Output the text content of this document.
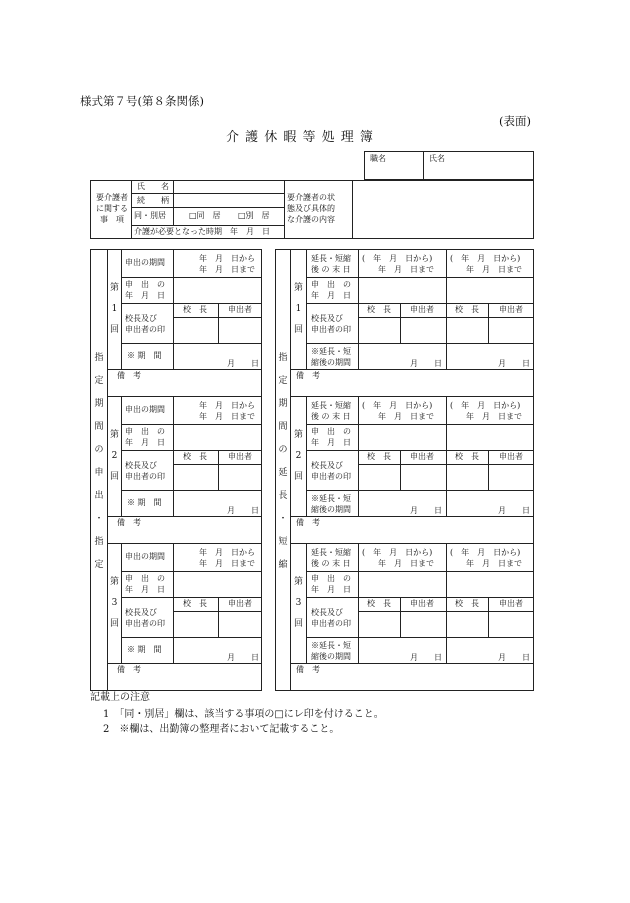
様式第７号(第８条関係)
(表面)
介 護 休 暇 等 処 理 簿
職名	氏名
要介護者
に関する
事　項
氏　　名
続　　柄
同・別居	□同　居 □別　居
介護が必要となった時期　年　月　日
要介護者の状
態及び具体的
な介護の内容
指
定
期
間
の
申
出
・
指
定
第
1
回
申出の期間	年　月　日から
年　月　日まで
申　出　の
年　月　日
校　長	申出者
校長及び
申出者の印
※ 期　間
月　　日
備　考
第
2
回
申出の期間	年　月　日から
年　月　日まで
申　出　の
年　月　日
校　長	申出者
校長及び
申出者の印
※ 期　間
月　　日
備　考
第
3
回
申出の期間	年　月　日から
年　月　日まで
申　出　の
年　月　日
校　長	申出者
校長及び
申出者の印
※ 期　間
月　　日
備　考
指
定
期
間
の
延
長
・
短
縮
第
1
回
延長・短縮
後 の 末 日
(　年　月　日から)
年　月　日まで
(　年　月　日から)
年　月　日まで
申　出　の
年　月　日
校　長 申出者	校　長	申出者
校長及び
申出者の印
※延長・短
縮後の期間	月　　日	月　　日
備　考
第
2
回
延長・短縮
後 の 末 日
(　年　月　日から)
年　月　日まで
(　年　月　日から)
年　月　日まで
申　出　の
年　月　日
校　長 申出者	校　長	申出者
校長及び
申出者の印
※延長・短
縮後の期間	月　　日	月　　日
備　考
第
3
回
延長・短縮
後 の 末 日
(　年　月　日から)
年　月　日まで
(　年　月　日から)
年　月　日まで
申　出　の
年　月　日
校　長 申出者	校　長	申出者
校長及び
申出者の印
※延長・短
縮後の期間	月　　日	月　　日
備　考
記載上の注意
1　「同・別居」欄は、該当する事項の□にレ印を付けること。
2　※欄は、出勤簿の整理者において記載すること。
